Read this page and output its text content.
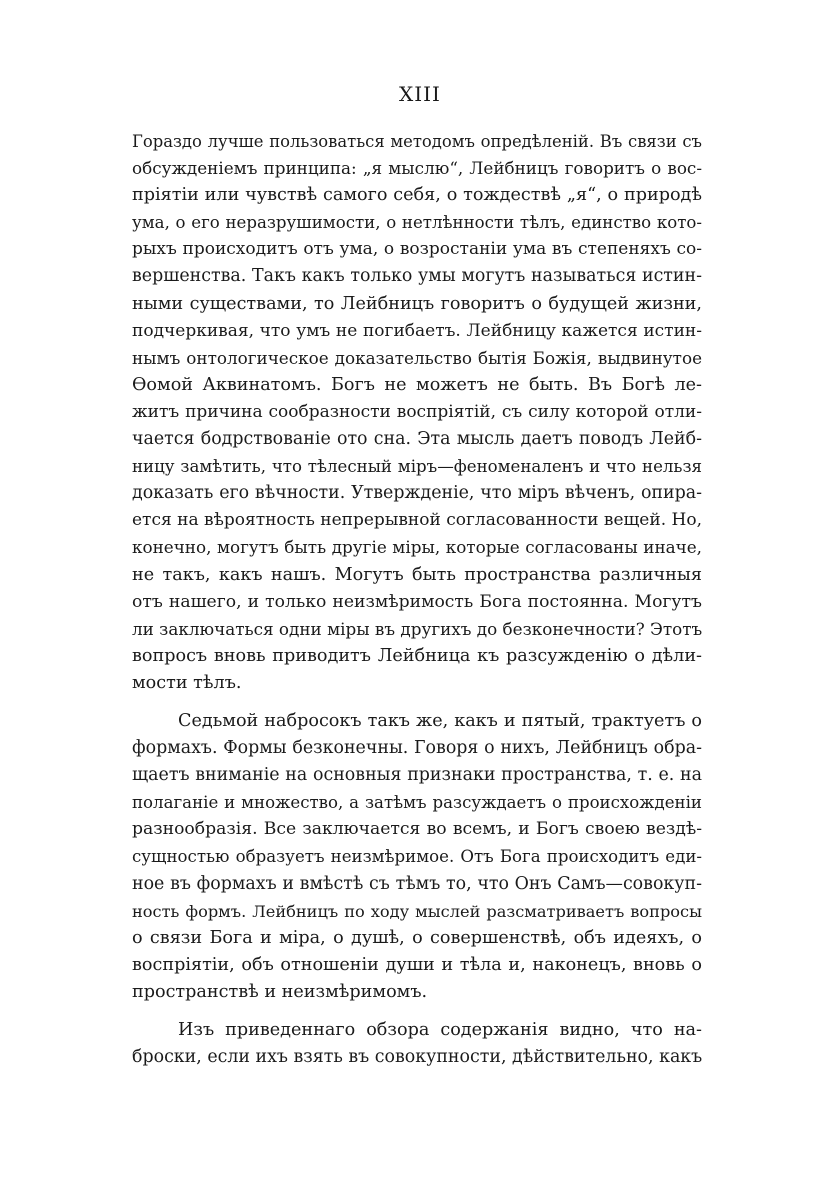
XIII
Гораздо лучше пользоваться методомъ опредѣленій. Въ связи съ
обсужденіемъ принципа: „я мыслю“, Лейбницъ говоритъ о вос-
пріятіи или чувствѣ самого себя, о тождествѣ „я“, о природѣ
ума, о его неразрушимости, о нетлѣнности тѣлъ, единство кото-
рыхъ происходитъ отъ ума, о возростаніи ума въ степеняхъ со-
вершенства. Такъ какъ только умы могутъ называться истин-
ными существами, то Лейбницъ говоритъ о будущей жизни,
подчеркивая, что умъ не погибаетъ. Лейбницу кажется истин-
нымъ онтологическое доказательство бытія Божія, выдвинутое
Ѳомой Аквинатомъ. Богъ не можетъ не быть. Въ Богѣ ле-
житъ причина сообразности воспріятій, съ силу которой отли-
чается бодрствованіе ото сна. Эта мысль даетъ поводъ Лейб-
ницу замѣтить, что тѣлесный міръ—феноменаленъ и что нельзя
доказать его вѣчности. Утвержденіе, что міръ вѣченъ, опира-
ется на вѣроятность непрерывной согласованности вещей. Но,
конечно, могутъ быть другіе міры, которые согласованы иначе,
не такъ, какъ нашъ. Могутъ быть пространства различныя
отъ нашего, и только неизмѣримость Бога постоянна. Могутъ
ли заключаться одни міры въ другихъ до безконечности? Этотъ
вопросъ вновь приводитъ Лейбница къ разсужденію о дѣли-
мости тѣлъ.
Седьмой набросокъ такъ же, какъ и пятый, трактуетъ о
формахъ. Формы безконечны. Говоря о нихъ, Лейбницъ обра-
щаетъ вниманіе на основныя признаки пространства, т. е. на
полаганіе и множество, а затѣмъ разсуждаетъ о происхожденіи
разнообразія. Все заключается во всемъ, и Богъ своею вездѣ-
сущностью образуетъ неизмѣримое. Отъ Бога происходитъ еди-
ное въ формахъ и вмѣстѣ съ тѣмъ то, что Онъ Самъ—совокуп-
ность формъ. Лейбницъ по ходу мыслей разсматриваетъ вопросы
о связи Бога и міра, о душѣ, о совершенствѣ, объ идеяхъ, о
воспріятіи, объ отношеніи души и тѣла и, наконецъ, вновь о
пространствѣ и неизмѣримомъ.
Изъ приведеннаго обзора содержанія видно, что на-
броски, если ихъ взять въ совокупности, дѣйствительно, какъ
